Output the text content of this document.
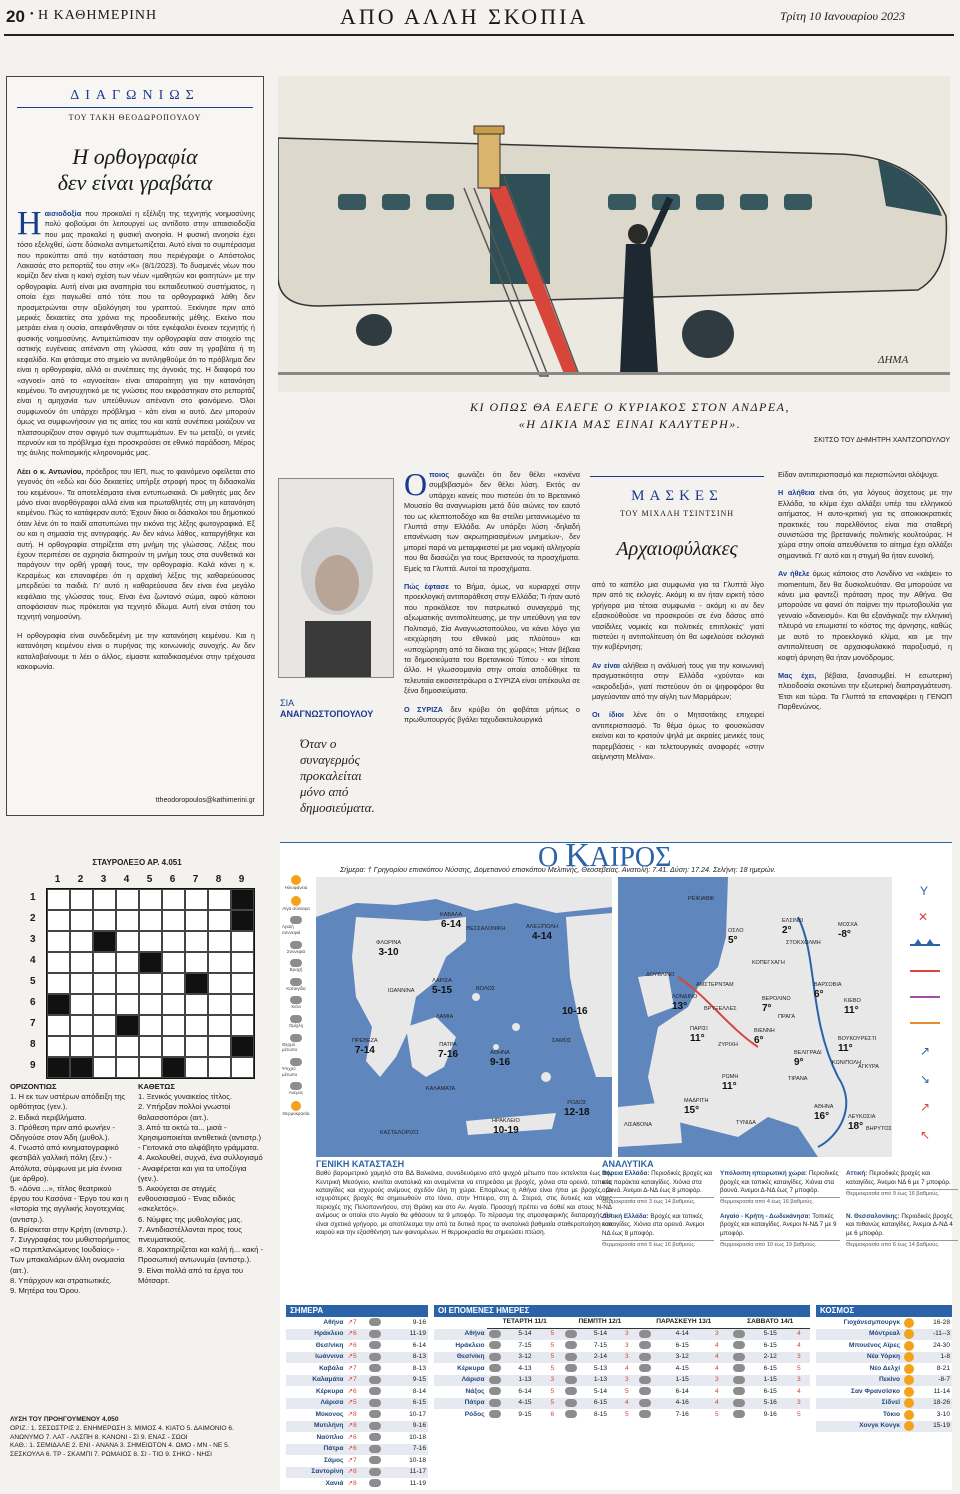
20 ● Η ΚΑΘΗΜΕΡΙΝΗ	ΑΠΟ ΑΛΛΗ ΣΚΟΠΙΑ	Τρίτη 10 Ιανουαρίου 2023
ΔΙΑΓΩΝΙΩΣ
ΤΟΥ ΤΑΚΗ ΘΕΟΔΩΡΟΠΟΥΛΟΥ
Η ορθογραφία
δεν είναι γραβάτα

Ηαισιοδοξία που προκαλεί η εξέλιξη της τεχνητής νοημοσύνης πολύ φοβούμαι ότι λειτουργεί ως αντίδοτο στην απαισιοδοξία που μας προκαλεί η φυσική ανοησία. Η φυσική ανοησία έχει τόσο εξελιχθεί, ώστε δύσκολα αντιμετωπίζεται. Αυτό είναι το συμπέρασμα που προκύπτει από την κατάσταση που περιέγραψε ο Απόστολος Λακασάς στο ρεπορτάζ του στην «Κ» (8/1/2023). Το δυσμενές νέων που κομίζει δεν είναι η κακή σχέση των νέων «μαθητών και φοιτητών» με την ορθογραφία. Αυτή είναι μια αναπηρία του εκπαιδευτικού συστήματος, η οποία έχει παγιωθεί από τότε που τα ορθογραφικά λάθη δεν προσμετρώνται στην αξιολόγηση του γραπτού. Ξεκίνησε πριν από μερικές δεκαετίες στα χρόνια της προοδευτικής μέθης. Εκείνο που μετράει είναι η ουσία, απεφάνθησαν οι τότε εγκέφαλοι ένεκεν τεχνητής ή φυσικής νοημοσύνης. Αντιμετώπισαν την ορθογραφία σαν στοιχείο της αστικής ευγένειας απέναντι στη γλώσσα, κάτι σαν τη γραβάτα ή τη κεφαλίδα. Και φτάσαμε στο σημείο να αντιληφθούμε ότι το πρόβλημα δεν είναι η ορθογραφία, αλλά οι συνέπειες της άγνοιάς της. Η διαφορά του «αγνοεί» από το «αγνοείται» είναι απαραίτητη για την κατανόηση κειμένου. Το ανησυχητικό με τις γνώσεις που εκφράστηκαν στο ρεπορτάζ είναι η αμηχανία των υπεύθυνων απέναντι στο φαινόμενο. Όλοι συμφωνούν ότι υπάρχει πρόβλημα - κάτι είναι κι αυτό. Δεν μπορούν όμως να συμφωνήσουν για τις αιτίες του και κατά συνέπεια μοιάζουν να πλατσουρίζουν στον σφιγμό των συμπτωμάτων. Εν τω μεταξύ, οι γενιές περνούν και το πρόβλημα έχει προσκρούσει σε εθνικό παράδοση. Μέρος της άυλης πολιτισμικής κληρονομιάς μας.

Λέει ο κ. Αντωνίου, πρόεδρος του ΙΕΠ, πως το φαινόμενο οφείλεται στο γεγονός ότι «εδώ και δύο δεκαετίες υπήρξε στροφή προς τη διδασκαλία του κειμένου». Τα αποτελέσματα είναι εντυπωσιακά. Οι μαθητές μας δεν μόνο είναι ανορθόγραφοι αλλά είναι και πρωταθλητές στη μη κατανόηση κειμένου. Πώς το κατάφεραν αυτό; Έχουν δίκιο οι δάσκαλοι του δημοτικού όταν λένε ότι το παιδί απατυπώνει την εικόνα της λέξης φωτογραφικά. Εξ ου και η σημασία της αντιγραφής. Αν δεν κάνω λάθος, καταργήθηκε και αυτή. Η ορθογραφία στηρίζεται στη μνήμη της γλώσσας. Λέξεις που έχουν περιπέσει σε αχρησία διατηρούν τη μνήμη τους στα συνθετικά και παράγουν την ορθή γραφή τους, την ορθογραφία. Καλά κάνει η κ. Κεραμέως και επαναφέρει ότι η αρχαϊκή λέξεις της καθαρεύουσας μπερδεύει τα παιδιά. Γι' αυτό η καθαρεύουσα δεν είναι ένα μεγάλο κεφάλαιο της γλώσσας τους. Είναι ένα ζωντανό σώμα, αφού κάποιοι αποφάσισαν πως πρόκειται για τεχνητό ιδίωμα. Αυτή είναι στάση του τεχνητή νοημοσύνη.

Η ορθογραφία είναι συνδεδεμένη με την κατανόηση κειμένου. Και η κατανόηση κειμένου είναι ο πυρήνας της κοινωνικής συνοχής. Αν δεν καταλαβαίνουμε τι λέει ο άλλος, είμαστε καταδικασμένοι στην τρέχουσα κακοφωνία.

ttheodoropoulos@kathimerini.gr
ΔΗΜΑ
ΚΙ ΟΠΩΣ ΘΑ ΕΛΕΓΕ Ο ΚΥΡΙΑΚΟΣ ΣΤΟΝ ΑΝΔΡΕΑ,
«Η ΔΙΚΙΑ ΜΑΣ ΕΙΝΑΙ ΚΑΛΥΤΕΡΗ».
ΣΚΙΤΣΟ ΤΟΥ ΔΗΜΗΤΡΗ ΧΑΝΤΖΟΠΟΥΛΟΥ
ΣΙΑ
ΑΝΑΓΝΩΣΤΟΠΟΥΛΟΥ
Όταν ο συναγερμός προκαλείται μόνο από δημοσιεύματα.

Οποιος φωνάζει ότι δεν θέλει «κανένα συμβιβασμό» δεν θέλει λύση. Εκτός αν υπάρχει κανείς που πιστεύει ότι το Βρετανικό Μουσείο θα αναγνωρίσει μετά δύο αιώνες τον εαυτό του ως κλεπτοποδόχο και θα στείλει μεταννιωμένο τα Γλυπτά στην Ελλάδα. Αν υπάρξει λύση -δηλαδή επανένωση των ακρωτηριασμένων μνημείων-, δεν μπορεί παρά να μεταμφιεστεί με μια νομική αλληγορία που θα διασώζει για τους Βρετανούς τα προσχήματα. Εμείς τα Γλυπτά. Αυτοί τα προσχήματα.

Πώς έφτασε το Βήμα, όμως, να κυριαρχεί στην προεκλογική αντιπαράθεση στην Ελλάδα; Τι ήταν αυτό που προκάλεσε τον πατριωτικό συναγερμό της αξιωματικής αντιπολίτευσης, με την υπεύθυνη για τον Πολιτισμό, Σία Αναγνωστοπούλου, να κάνει λόγο για «εκχώρηση του εθνικού μας πλούτου» και «υποχώρηση από τα δίκαια της χώρας»; Ήταν βέβαια τα δημοσιεύματα του Βρετανικού Τύπου - και τίποτε άλλο. Η γλωσσομανία στην οποία αποδύθηκε τα τελευταία εικοσιτετράωρα ο ΣΥΡΙΖΑ είναι οπέκουλα σε ξένα δημοσιεύματα.

Ο ΣΥΡΙΖΑ δεν κρύβει ότι φοβάται μήπως ο πρωθυπουργός βγάλει ταχυδακτυλουργικά

ΜΑΣΚΕΣ
ΤΟΥ ΜΙΧΑΛΗ ΤΣΙΝΤΣΙΝΗ
Αρχαιοφύλακες

από το καπέλο μια συμφωνία για τα Γλυπτά λίγο πριν από τις εκλογές. Ακόμη κι αν ήταν ειρκτή τόσο γρήγορα μια τέτοια συμφωνία - ακόμη κι αν δεν εξασκούθούσε να προσκρούει σε ένα δάσος από νασίδιλες νομικές και πολιτικές επιπλοκές' γιατί πιστεύει η αντιπολίτευση ότι θα ωφελούσε εκλογικά την κυβέρνηση;

Αν είναι αλήθεια η ανάλυσή τους για την κοινωνική πραγματικότητα στην Ελλάδα «χούντα» και «ακροδεξιά», γιατί πιστεύουν ότι οι ψηφοφόροι θα μαγεύονταν από την αίγλη των Μαρμάρων;

Οι ίδιοι λένε ότι ο Μητσοτάκης επιχειρεί αντιπερισπασμό. Το θέμα όμως το φουσκώσαν εκείνοι και το κρατούν ψηλά με ακραίες μενικές τους παρεμβάσεις - και τελετουργικές αναφορές «στην αείμνηστη Μελίνα».

Είδαν αντιπερισπασμό και περισπώνται ολόψυχα.

Η αλήθεια είναι ότι, για λόγους άσχετους με την Ελλάδα, το κλίμα έχει αλλάξει υπέρ του ελληνικού αιτήματος. Η αυτο-κριτική για τις αποικιοκρατικές πρακτικές του παρελθόντος είναι πια σταθερή συνιστώσα της βρετανικής πολιτικής κουλτούρας. Η χώρα στην οποία απευθύνεται το αίτημα έχει αλλάξει σημαντικά. Γι' αυτό και η στιγμή θα ήταν ευνοϊκή.

Αν ήθελε όμως κάποιος στο Λονδίνο να «κάψει» το momentum, δεν θα δυσκολευόταν. Θα μπορούσε να κάνει μια φαντεζί πρόταση προς την Αθήνα. Θα μπορούσε να φανεί ότι παίρνει την πρωτοβουλία για γενναίο «δανεισμό». Και θα εξανάγκαζε την ελληνική πλευρά να επωμιστεί το κόστος της άρνησης, καθώς με αυτό το προεκλογικό κλίμα, και με την αντιπολίτευση σε αρχαιοφυλακικό παροξυσμό, η κοφτή άρνηση θα ήταν μονόδρομος.

Μας έχει, βέβαια, ξανασυμβεί. Η εσωτερική πλειοδοσία σκοτώνει την εξωτερική διαπραγμάτευση. Έτσι και τώρα. Τα Γλυπτά τα επαναφέρει η ΓΕΝΟΠ Παρθενώνος.

ΣΤΑΥΡΟΛΕΞΟ ΑΡ. 4.051
1	2	3	4	5	6	7	8	9
1
2
3
4
5
6
7
8
9
ΟΡΙΖΟΝΤΙΩΣ
1. Η εκ των υστέρων απόδειξη της ορθότητας (γεν.).
2. Ειδικά περιβλήματα.
3. Πρόθεση πριν από φωνήεν - Οδηγούσε στον Άδη (μυθολ.).
4. Γνωστό από κινηματογραφικό φεστιβάλ γαλλική πόλη (ξεν.) - Απόλυτα, σύμφωνα με μία έννοια (με άρθρο).
5. «Δόνα ...», τίτλος θεατρικού έργου του Κασόνα - Έργο του και η «Ιστορία της αγγλικής λογοτεχνίας (αντιστρ.).
6. Βρίσκεται στην Κρήτη (αντιστρ.).
7. Συγγραφέας του μυθιστορήματος «Ο περιπλανώμενος Ιουδαίος» - Των μπακαλιάρων άλλη ονομασία (αιτ.).
8. Υπάρχουν και στρατιωτικές.
9. Μητέρα του Όρου.
ΚΑΘΕΤΩΣ
1. Ξενικός γυναικείος τίτλος.
2. Υπήρξαν πολλοί γνωστοί θαλασσοπόροι (αιτ.).
3. Από τα οκτώ τα... μισά - Χρησιμοποιείται αντιθετικά (αντιστρ.) - Γειτονικά στο αλφάβητο γράμματα.
4. Ακολουθεί, συχνά, ένα συλλογισμό - Αναφέρεται και για τα υποζύγια (γεν.).
5. Ακούγεται σε στιγμές ενθουσιασμού - Ένας ειδικός «σκελετός».
6. Νύμφες της μυθολογίας μας.
7. Αντιδιαστέλλονται προς τους πνευματικούς.
8. Χαρακτηρίζεται και καλή ή... κακή - Προσωπική αντωνυμία (αντιστρ.).
9. Είναι πολλά από τα έργα του Μότσαρτ.
ΛΥΣΗ ΤΟΥ ΠΡΟΗΓΟΥΜΕΝΟΥ 4.050
ΟΡΙΖ.: 1. ΣΕΣΩΣΤΡΙΣ 2. ΕΝΗΜΕΡΩΣΗ 3. ΜΙΜΟΣ 4. ΚΙΑΤΟ 5. ΔΑΙΜΟΝΙΟ 6. ΑΝΩΝΥΜΟ 7. ΛΑΤ - ΛΑΣΠΗ 8. ΚΑΝΟΝΙ - ΣΙ 9. ΕΝΑΣ - ΣΩΟΙ
ΚΑΘ.: 1. ΣΕΜΙΔΑΛΕ 2. ΕΝΙ - ΑΝΑΝΑ 3. ΣΗΜΕΙΩΤΟΝ 4. ΩΜΟ - ΜΝ - ΝΕ 5. ΣΕΣΚΟΥΛΑ 6. ΤΡ - ΣΚΑΜΠΙ 7. ΡΩΜΑΙΟΣ 8. ΣΙ - ΤΙΟ 9. ΣΗΚΟ - ΝΗΣΙ
Ο ΚΑΙΡΟΣ
Σήμερα: † Γρηγορίου επισκόπου Νύσσης, Δομετιανού επισκόπου Μελιτινής, Θεοσεβείας. Ανατολή: 7.41. Δύση: 17.24. Σελήνη: 18 ημερών.
Ηλιοφάνεια
Λίγα σύννεφα
Αραιή συννεφιά
Συννεφιά
Βροχή
Καταιγίδα
Χιόνι
Ομίχλη
Θερμό μέτωπο
Ψυχρό μέτωπο
Ανεμος
Θερμοκρασία
ΦΛΩΡΙΝΑ
3-10
ΚΑΒΑΛΑ
6-14 ΘΕΣΣΑΛΟΝΙΚΗ	ΑΛΕΞ/ΠΟΛΗ
4-14
ΙΩΑΝΝΙΝΑ
ΛΑΡΙΣΑ
5-15	ΒΟΛΟΣ
ΛΑΜΙΑ
ΠΡΕΒΕΖΑ
7-14	ΠΑΤΡΑ
7-16	ΑΘΗΝΑ
9-16
ΣΑΜΟΣ
ΚΑΛΑΜΑΤΑ
ΡΟΔΟΣ
12-18
ΗΡΑΚΛΕΙΟ
10-19
ΚΑΣΤΕΛΟΡΙΖΟ
10-16
ΡΕΪΚΙΑΒΙΚ
ΕΛΣΙΝΚΙ
2°	ΜΟΣΧΑ
-8°
ΟΣΛΟ
5°	ΣΤΟΚΧΟΛΜΗ
ΔΟΥΒΛΙΝΟ
ΚΟΠΕΓΧΑΓΗ
ΑΜΣΤΕΡΝΤΑΜ	ΒΑΡΣΟΒΙΑ
6°
ΛΟΝΔΙΝΟ
13°
ΒΕΡΟΛΙΝΟ
7°
ΚΙΕΒΟ
11°
ΒΡΥΞΕΛΛΕΣ
ΠΡΑΓΑ
ΠΑΡΙΣΙ
11°
ΒΙΕΝΝΗ
6°	ΒΟΥΚΟΥΡΕΣΤΙ
11°
ΖΥΡΙΧΗ
ΒΕΛΙΓΡΑΔΙ
9°	ΚΩΝ/ΠΟΛΗ
ΑΓΚΥΡΑ
ΡΩΜΗ
11°
ΤΙΡΑΝΑ
ΜΑΔΡΙΤΗ
15°	ΑΘΗΝΑ
16°
ΛΙΣΑΒΟΝΑ
ΛΕΥΚΩΣΙΑ
18°
ΤΥΝΙΔΑ
ΒΗΡΥΤΟΣ
Y
✕
↗
↘
↗
↖
ΓΕΝΙΚΗ ΚΑΤΑΣΤΑΣΗ
Βαθύ βαρομετρικό χαμηλό στα ΒΔ Βαλκάνια, συνοδευόμενο από ψυχρό μέτωπο που εκτείνεται έως την Κεντρική Μεσόγειο, κινείται ανατολικά και αναμένεται να επηρεάσει με βροχές, χιόνια στα ορεινά, τοπικές καταιγίδες και ισχυρούς ανέμους σχεδόν όλη τη χώρα. Επομένως η Αθήνα είναι ήπια με βροχές. Οι ισχυρότερες βροχές θα σημειωθούν στο Ιόνιο, στην Ήπειρο, στη Δ. Στερεά, στις δυτικές και νότιες περιοχές της Πελοποννήσου, στη Θράκη και στο Αν. Αιγαίο. Προσοχή πρέπει να δοθεί και στους Ν-ΝΔ ανέμους οι οποίοι στο Αιγαίο θα φθάσουν τα 9 μποφόρ. Το πέρασμα της ατμοσφαιρικής διαταραχής θα είναι σχετικά γρήγορο, με αποτέλεσμα την από τα δυτικά προς τα ανατολικά βαθμιαία σταθεροποίηση του καιρού και την εξασθένηση των φαινομένων. Η θερμοκρασία θα σημειώσει πτώση.
ΑΝΑΛΥΤΙΚΑ
Βόρεια Ελλάδα: Περιοδικές βροχές και στα παράκτια καταιγίδες. Χιόνια στα ορεινά. Άνεμοι Δ-ΝΔ έως 8 μποφόρ.
Θερμοκρασία από 3 έως 14 βαθμούς.
Υπόλοιπη ηπειρωτική χώρα: Περιοδικές βροχές και τοπικές καταιγίδες. Χιόνια στα βουνά. Άνεμοι Δ-ΝΔ έως 7 μποφόρ.
Θερμοκρασία από 4 έως 16 βαθμούς.
Αττική: Περιοδικές βροχές και καταιγίδες. Άνεμοι ΝΔ 6 με 7 μποφόρ.
Θερμοκρασία από 9 έως 16 βαθμούς.
Δυτική Ελλάδα: Βροχές και τοπικές καταιγίδες. Χιόνια στα ορεινά. Άνεμοι ΝΔ έως 8 μποφόρ.
Θερμοκρασία από 5 έως 16 βαθμούς.
Αιγαίο - Κρήτη - Δωδεκάνησα: Τοπικές βροχές και καταιγίδες. Άνεμοι Ν-ΝΔ 7 με 9 μποφόρ.
Θερμοκρασία από 10 έως 19 βαθμούς.
Ν. Θεσσαλονίκης: Περιοδικές βροχές και πιθανώς καταιγίδες. Άνεμοι Δ-ΝΔ 4 με 6 μποφόρ.
Θερμοκρασία από 6 έως 14 βαθμούς.
ΣΗΜΕΡΑ
Αθήνα	↗7		9-16
Ηράκλειο	↗6		11-19
Θεσ/νίκη	↗6		6-14
Ιωάννινα	↗5		8-13
Καβάλα	↗7		8-13
Καλαμάτα	↗7		9-15
Κέρκυρα	↗6		8-14
Λάρισα	↗5		6-15
Μύκονος	↗8		10-17
Μυτιλήνη	↗8		9-16
Ναύπλιο	↗6		10-18
Πάτρα	↗6		7-16
Σάμος	↗7		10-18
Σαντορίνη	↗8		11-17
Χανιά	↗8		11-19
ΟΙ ΕΠΟΜΕΝΕΣ ΗΜΕΡΕΣ
	ΤΕΤΑΡΤΗ 11/1			ΠΕΜΠΤΗ 12/1			ΠΑΡΑΣΚΕΥΗ 13/1			ΣΑΒΒΑΤΟ 14/1		
Αθήνα		5-14	5		5-14	3		4-14	3		5-15	4
Ηράκλειο		7-15	5		7-15	3		6-15	4		6-15	4
Θεσ/νίκη		3-12	5		2-14	3		3-12	4		2-12	3
Κέρκυρα		4-13	5		5-13	4		4-15	4		6-15	5
Λάρισα		1-13	3		1-13	3		1-15	3		1-15	3
Νάξος		6-14	5		5-14	5		6-14	4		6-15	4
Πάτρα		4-15	5		6-15	4		4-16	4		5-16	3
Ρόδος		9-15	6		8-15	5		7-16	5		9-16	5
ΚΟΣΜΟΣ
Γιοχάνεσμπουργκ		16-28
Μόντρεαλ		-11--3
Μπουένος Αϊρες		24-30
Νέα Υόρκη		1-8
Νέο Δελχί		8-21
Πεκίνο		-8-7
Σαν Φρανσίσκο		11-14
Σίδνεϊ		18-26
Τόκιο		3-10
Χονγκ Κονγκ		15-19
